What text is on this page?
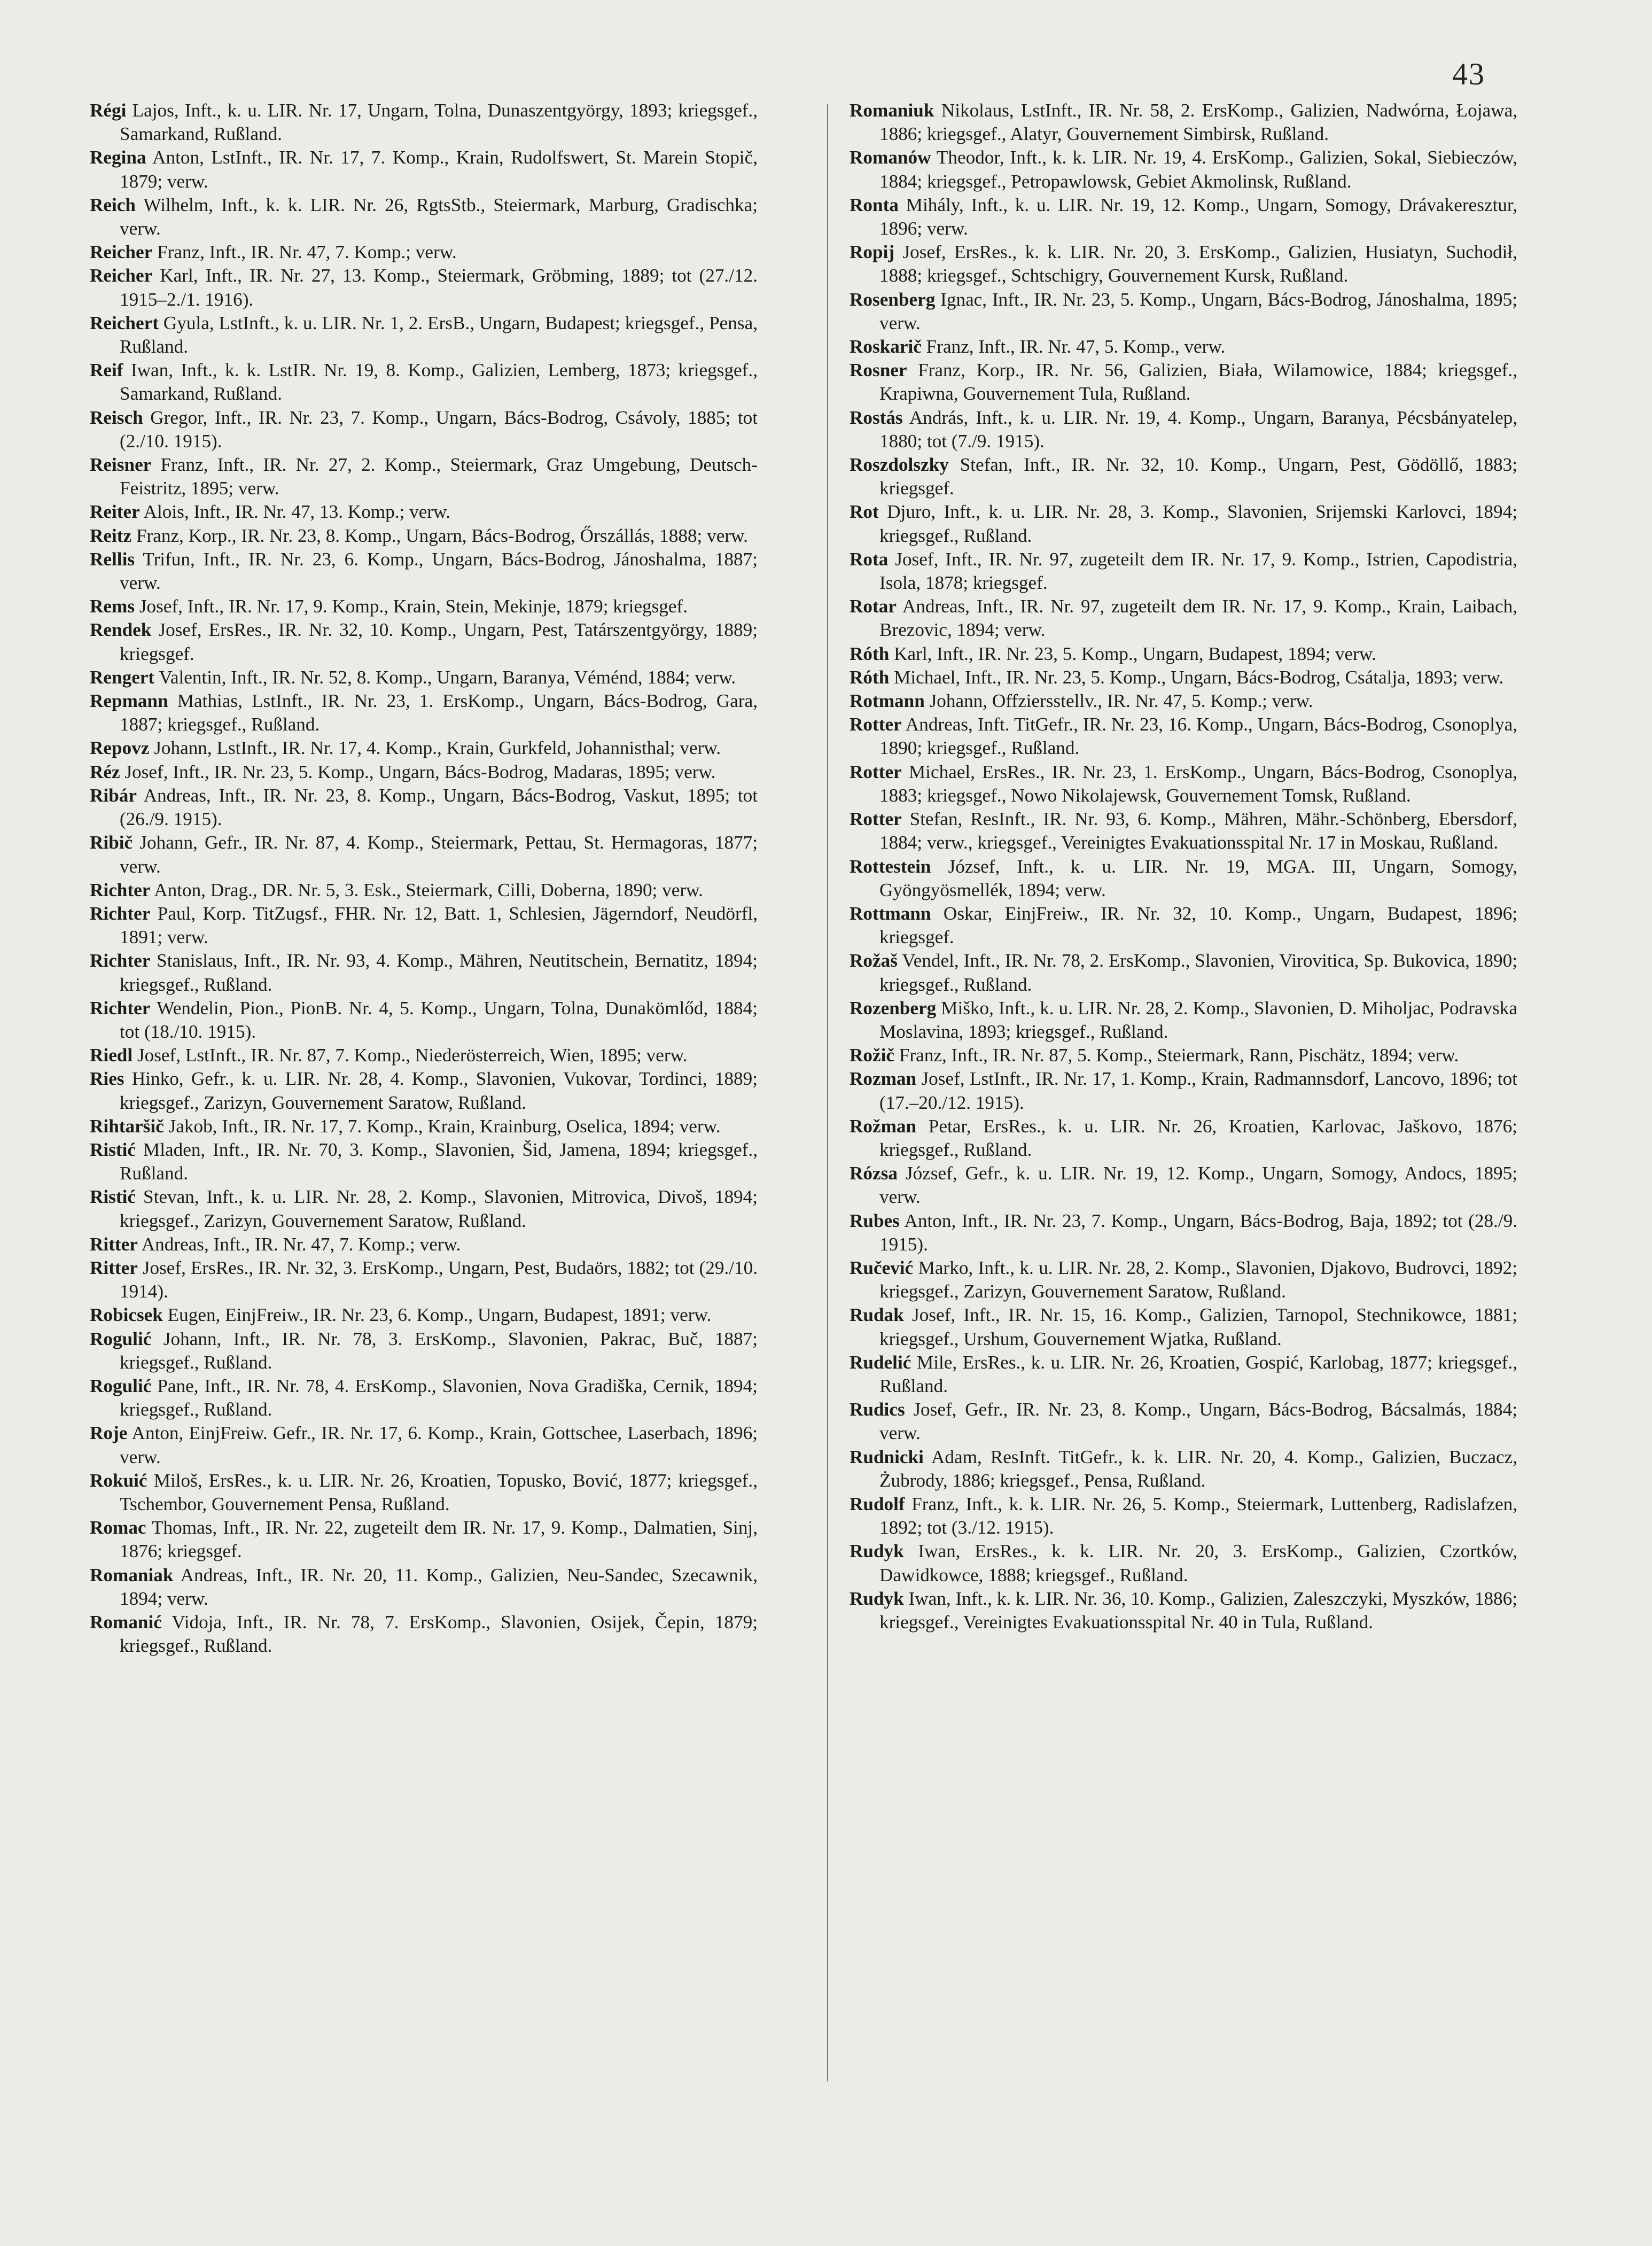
43

Régi Lajos, Inft., k. u. LIR. Nr. 17, Ungarn, Tolna, Dunaszentgyörgy, 1893; kriegsgef., Samarkand, Rußland.

Regina Anton, LstInft., IR. Nr. 17, 7. Komp., Krain, Rudolfswert, St. Marein Stopič, 1879; verw.

Reich Wilhelm, Inft., k. k. LIR. Nr. 26, RgtsStb., Steiermark, Marburg, Gradischka; verw.

Reicher Franz, Inft., IR. Nr. 47, 7. Komp.; verw.

Reicher Karl, Inft., IR. Nr. 27, 13. Komp., Steiermark, Gröbming, 1889; tot (27./12. 1915–2./1. 1916).

Reichert Gyula, LstInft., k. u. LIR. Nr. 1, 2. ErsB., Ungarn, Budapest; kriegsgef., Pensa, Rußland.

Reif Iwan, Inft., k. k. LstIR. Nr. 19, 8. Komp., Galizien, Lemberg, 1873; kriegsgef., Samarkand, Rußland.

Reisch Gregor, Inft., IR. Nr. 23, 7. Komp., Ungarn, Bács-Bodrog, Csávoly, 1885; tot (2./10. 1915).

Reisner Franz, Inft., IR. Nr. 27, 2. Komp., Steiermark, Graz Umgebung, Deutsch-Feistritz, 1895; verw.

Reiter Alois, Inft., IR. Nr. 47, 13. Komp.; verw.

Reitz Franz, Korp., IR. Nr. 23, 8. Komp., Ungarn, Bács-Bodrog, Őrszállás, 1888; verw.

Rellis Trifun, Inft., IR. Nr. 23, 6. Komp., Ungarn, Bács-Bodrog, Jánoshalma, 1887; verw.

Rems Josef, Inft., IR. Nr. 17, 9. Komp., Krain, Stein, Mekinje, 1879; kriegsgef.

Rendek Josef, ErsRes., IR. Nr. 32, 10. Komp., Ungarn, Pest, Tatárszentgyörgy, 1889; kriegsgef.

Rengert Valentin, Inft., IR. Nr. 52, 8. Komp., Ungarn, Baranya, Véménd, 1884; verw.

Repmann Mathias, LstInft., IR. Nr. 23, 1. ErsKomp., Ungarn, Bács-Bodrog, Gara, 1887; kriegsgef., Rußland.

Repovz Johann, LstInft., IR. Nr. 17, 4. Komp., Krain, Gurkfeld, Johannisthal; verw.

Réz Josef, Inft., IR. Nr. 23, 5. Komp., Ungarn, Bács-Bodrog, Madaras, 1895; verw.

Ribár Andreas, Inft., IR. Nr. 23, 8. Komp., Ungarn, Bács-Bodrog, Vaskut, 1895; tot (26./9. 1915).

Ribič Johann, Gefr., IR. Nr. 87, 4. Komp., Steiermark, Pettau, St. Hermagoras, 1877; verw.

Richter Anton, Drag., DR. Nr. 5, 3. Esk., Steiermark, Cilli, Doberna, 1890; verw.

Richter Paul, Korp. TitZugsf., FHR. Nr. 12, Batt. 1, Schlesien, Jägerndorf, Neudörfl, 1891; verw.

Richter Stanislaus, Inft., IR. Nr. 93, 4. Komp., Mähren, Neutitschein, Bernatitz, 1894; kriegsgef., Rußland.

Richter Wendelin, Pion., PionB. Nr. 4, 5. Komp., Ungarn, Tolna, Dunakömlőd, 1884; tot (18./10. 1915).

Riedl Josef, LstInft., IR. Nr. 87, 7. Komp., Niederösterreich, Wien, 1895; verw.

Ries Hinko, Gefr., k. u. LIR. Nr. 28, 4. Komp., Slavonien, Vukovar, Tordinci, 1889; kriegsgef., Zarizyn, Gouvernement Saratow, Rußland.

Rihtaršič Jakob, Inft., IR. Nr. 17, 7. Komp., Krain, Krainburg, Oselica, 1894; verw.

Ristić Mladen, Inft., IR. Nr. 70, 3. Komp., Slavonien, Šid, Jamena, 1894; kriegsgef., Rußland.

Ristić Stevan, Inft., k. u. LIR. Nr. 28, 2. Komp., Slavonien, Mitrovica, Divoš, 1894; kriegsgef., Zarizyn, Gouvernement Saratow, Rußland.

Ritter Andreas, Inft., IR. Nr. 47, 7. Komp.; verw.

Ritter Josef, ErsRes., IR. Nr. 32, 3. ErsKomp., Ungarn, Pest, Budaörs, 1882; tot (29./10. 1914).

Robicsek Eugen, EinjFreiw., IR. Nr. 23, 6. Komp., Ungarn, Budapest, 1891; verw.

Rogulić Johann, Inft., IR. Nr. 78, 3. ErsKomp., Slavonien, Pakrac, Buč, 1887; kriegsgef., Rußland.

Rogulić Pane, Inft., IR. Nr. 78, 4. ErsKomp., Slavonien, Nova Gradiška, Cernik, 1894; kriegsgef., Rußland.

Roje Anton, EinjFreiw. Gefr., IR. Nr. 17, 6. Komp., Krain, Gottschee, Laserbach, 1896; verw.

Rokuić Miloš, ErsRes., k. u. LIR. Nr. 26, Kroatien, Topusko, Bović, 1877; kriegsgef., Tschembor, Gouvernement Pensa, Rußland.

Romac Thomas, Inft., IR. Nr. 22, zugeteilt dem IR. Nr. 17, 9. Komp., Dalmatien, Sinj, 1876; kriegsgef.

Romaniak Andreas, Inft., IR. Nr. 20, 11. Komp., Galizien, Neu-Sandec, Szecawnik, 1894; verw.

Romanić Vidoja, Inft., IR. Nr. 78, 7. ErsKomp., Slavonien, Osijek, Čepin, 1879; kriegsgef., Rußland.

Romaniuk Nikolaus, LstInft., IR. Nr. 58, 2. ErsKomp., Galizien, Nadwórna, Łojawa, 1886; kriegsgef., Alatyr, Gouvernement Simbirsk, Rußland.

Romanów Theodor, Inft., k. k. LIR. Nr. 19, 4. ErsKomp., Galizien, Sokal, Siebieczów, 1884; kriegsgef., Petropawlowsk, Gebiet Akmolinsk, Rußland.

Ronta Mihály, Inft., k. u. LIR. Nr. 19, 12. Komp., Ungarn, Somogy, Drávakeresztur, 1896; verw.

Ropij Josef, ErsRes., k. k. LIR. Nr. 20, 3. ErsKomp., Galizien, Husiatyn, Suchodił, 1888; kriegsgef., Schtschigry, Gouvernement Kursk, Rußland.

Rosenberg Ignac, Inft., IR. Nr. 23, 5. Komp., Ungarn, Bács-Bodrog, Jánoshalma, 1895; verw.

Roskarič Franz, Inft., IR. Nr. 47, 5. Komp., verw.

Rosner Franz, Korp., IR. Nr. 56, Galizien, Biała, Wilamowice, 1884; kriegsgef., Krapiwna, Gouvernement Tula, Rußland.

Rostás András, Inft., k. u. LIR. Nr. 19, 4. Komp., Ungarn, Baranya, Pécsbányatelep, 1880; tot (7./9. 1915).

Roszdolszky Stefan, Inft., IR. Nr. 32, 10. Komp., Ungarn, Pest, Gödöllő, 1883; kriegsgef.

Rot Djuro, Inft., k. u. LIR. Nr. 28, 3. Komp., Slavonien, Srijemski Karlovci, 1894; kriegsgef., Rußland.

Rota Josef, Inft., IR. Nr. 97, zugeteilt dem IR. Nr. 17, 9. Komp., Istrien, Capodistria, Isola, 1878; kriegsgef.

Rotar Andreas, Inft., IR. Nr. 97, zugeteilt dem IR. Nr. 17, 9. Komp., Krain, Laibach, Brezovic, 1894; verw.

Róth Karl, Inft., IR. Nr. 23, 5. Komp., Ungarn, Budapest, 1894; verw.

Róth Michael, Inft., IR. Nr. 23, 5. Komp., Ungarn, Bács-Bodrog, Csátalja, 1893; verw.

Rotmann Johann, Offziersstellv., IR. Nr. 47, 5. Komp.; verw.

Rotter Andreas, Inft. TitGefr., IR. Nr. 23, 16. Komp., Ungarn, Bács-Bodrog, Csonoplya, 1890; kriegsgef., Rußland.

Rotter Michael, ErsRes., IR. Nr. 23, 1. ErsKomp., Ungarn, Bács-Bodrog, Csonoplya, 1883; kriegsgef., Nowo Nikolajewsk, Gouvernement Tomsk, Rußland.

Rotter Stefan, ResInft., IR. Nr. 93, 6. Komp., Mähren, Mähr.-Schönberg, Ebersdorf, 1884; verw., kriegsgef., Vereinigtes Evakuationsspital Nr. 17 in Moskau, Rußland.

Rottestein József, Inft., k. u. LIR. Nr. 19, MGA. III, Ungarn, Somogy, Gyöngyösmellék, 1894; verw.

Rottmann Oskar, EinjFreiw., IR. Nr. 32, 10. Komp., Ungarn, Budapest, 1896; kriegsgef.

Rožaš Vendel, Inft., IR. Nr. 78, 2. ErsKomp., Slavonien, Virovitica, Sp. Bukovica, 1890; kriegsgef., Rußland.

Rozenberg Miško, Inft., k. u. LIR. Nr. 28, 2. Komp., Slavonien, D. Miholjac, Podravska Moslavina, 1893; kriegsgef., Rußland.

Rožič Franz, Inft., IR. Nr. 87, 5. Komp., Steiermark, Rann, Pischätz, 1894; verw.

Rozman Josef, LstInft., IR. Nr. 17, 1. Komp., Krain, Radmannsdorf, Lancovo, 1896; tot (17.–20./12. 1915).

Rožman Petar, ErsRes., k. u. LIR. Nr. 26, Kroatien, Karlovac, Jaškovo, 1876; kriegsgef., Rußland.

Rózsa József, Gefr., k. u. LIR. Nr. 19, 12. Komp., Ungarn, Somogy, Andocs, 1895; verw.

Rubes Anton, Inft., IR. Nr. 23, 7. Komp., Ungarn, Bács-Bodrog, Baja, 1892; tot (28./9. 1915).

Ručević Marko, Inft., k. u. LIR. Nr. 28, 2. Komp., Slavonien, Djakovo, Budrovci, 1892; kriegsgef., Zarizyn, Gouvernement Saratow, Rußland.

Rudak Josef, Inft., IR. Nr. 15, 16. Komp., Galizien, Tarnopol, Stechnikowce, 1881; kriegsgef., Urshum, Gouvernement Wjatka, Rußland.

Rudelić Mile, ErsRes., k. u. LIR. Nr. 26, Kroatien, Gospić, Karlobag, 1877; kriegsgef., Rußland.

Rudics Josef, Gefr., IR. Nr. 23, 8. Komp., Ungarn, Bács-Bodrog, Bácsalmás, 1884; verw.

Rudnicki Adam, ResInft. TitGefr., k. k. LIR. Nr. 20, 4. Komp., Galizien, Buczacz, Żubrody, 1886; kriegsgef., Pensa, Rußland.

Rudolf Franz, Inft., k. k. LIR. Nr. 26, 5. Komp., Steiermark, Luttenberg, Radislafzen, 1892; tot (3./12. 1915).

Rudyk Iwan, ErsRes., k. k. LIR. Nr. 20, 3. ErsKomp., Galizien, Czortków, Dawidkowce, 1888; kriegsgef., Rußland.

Rudyk Iwan, Inft., k. k. LIR. Nr. 36, 10. Komp., Galizien, Zaleszczyki, Myszków, 1886; kriegsgef., Vereinigtes Evakuationsspital Nr. 40 in Tula, Rußland.
